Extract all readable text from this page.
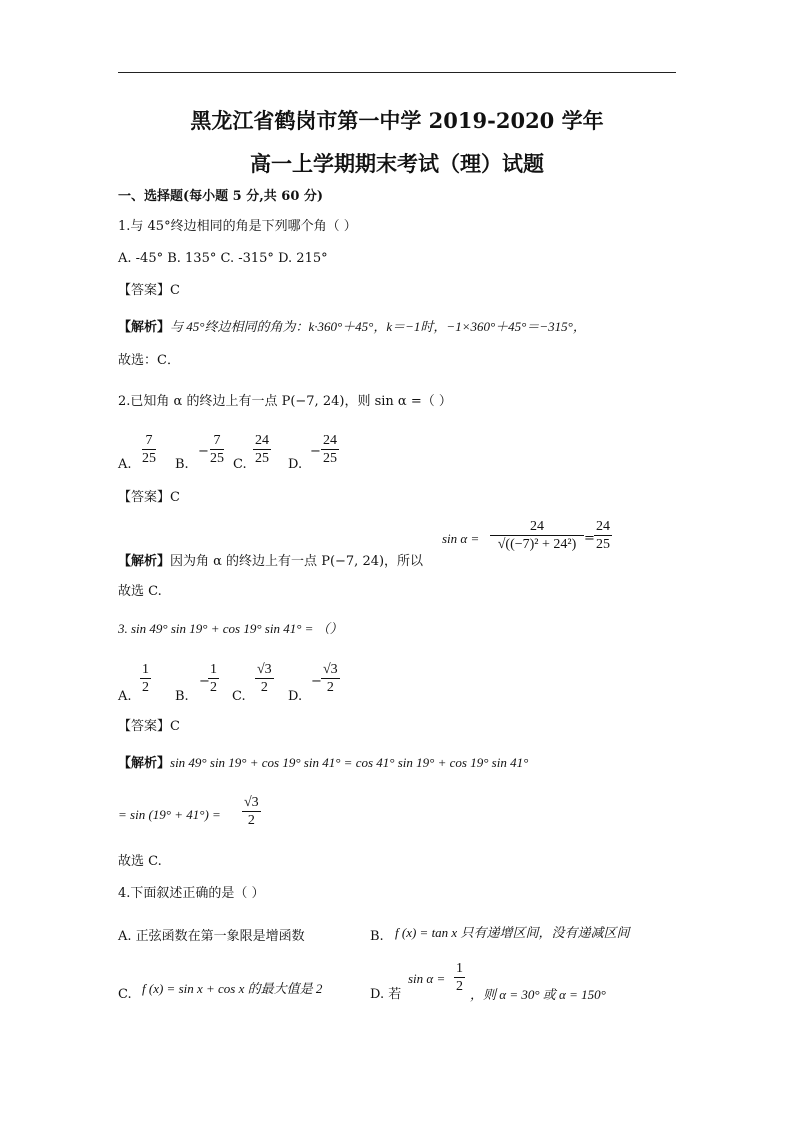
黑龙江省鹤岗市第一中学 2019-2020 学年
高一上学期期末考试（理）试题
一、选择题(每小题 5 分,共 60 分)
1.与 45°终边相同的角是下列哪个角（ ）
A. -45° B. 135° C. -315° D. 215°
【答案】C
【解析】与 45°终边相同的角为：k·360°＋45°，k＝−1时，−1×360°＋45°＝−315°，
故选：C．
2.已知角 α 的终边上有一点 P(−7, 24)，则 sin α =（ ）
A. $\frac{7}{25} B$.
− $\frac{7}{25} C$. $\frac{24}{25} D$.
− $\frac{24}{25}$
【答案】C
【解析】因为角 α 的终边上有一点 P(−7, 24)，所以
$\sin \alpha = \frac{24}{\text{√((−7)² + 24²)}} = \frac{24}{25}$
故选 C.
3. sin 49° sin 19° + cos 19° sin 41° = （）
A.
$\frac{1}{2}$
B.
−
$\frac{1}{2}$
C.
$\frac{√3}{2}$
D.
− $\frac{√3}{2}$
【答案】C
【解析】sin 49° sin 19° + cos 19° sin 41° = cos 41° sin 19° + cos 19° sin 41°
= $\sin (19^\circ + 41^\circ) = \frac{√3}{2}$
故选 C.
4.下面叙述正确的是（ ）
A. 正弦函数在第一象限是增函数	B. f (x) = tan x 只有递增区间，没有递减区间
C. f (x) = sin x + cos x 的最大值是 2	D. 若
$\sin \alpha = \frac{1}{2}$ ，则 α = 30° 或 α = 150°
